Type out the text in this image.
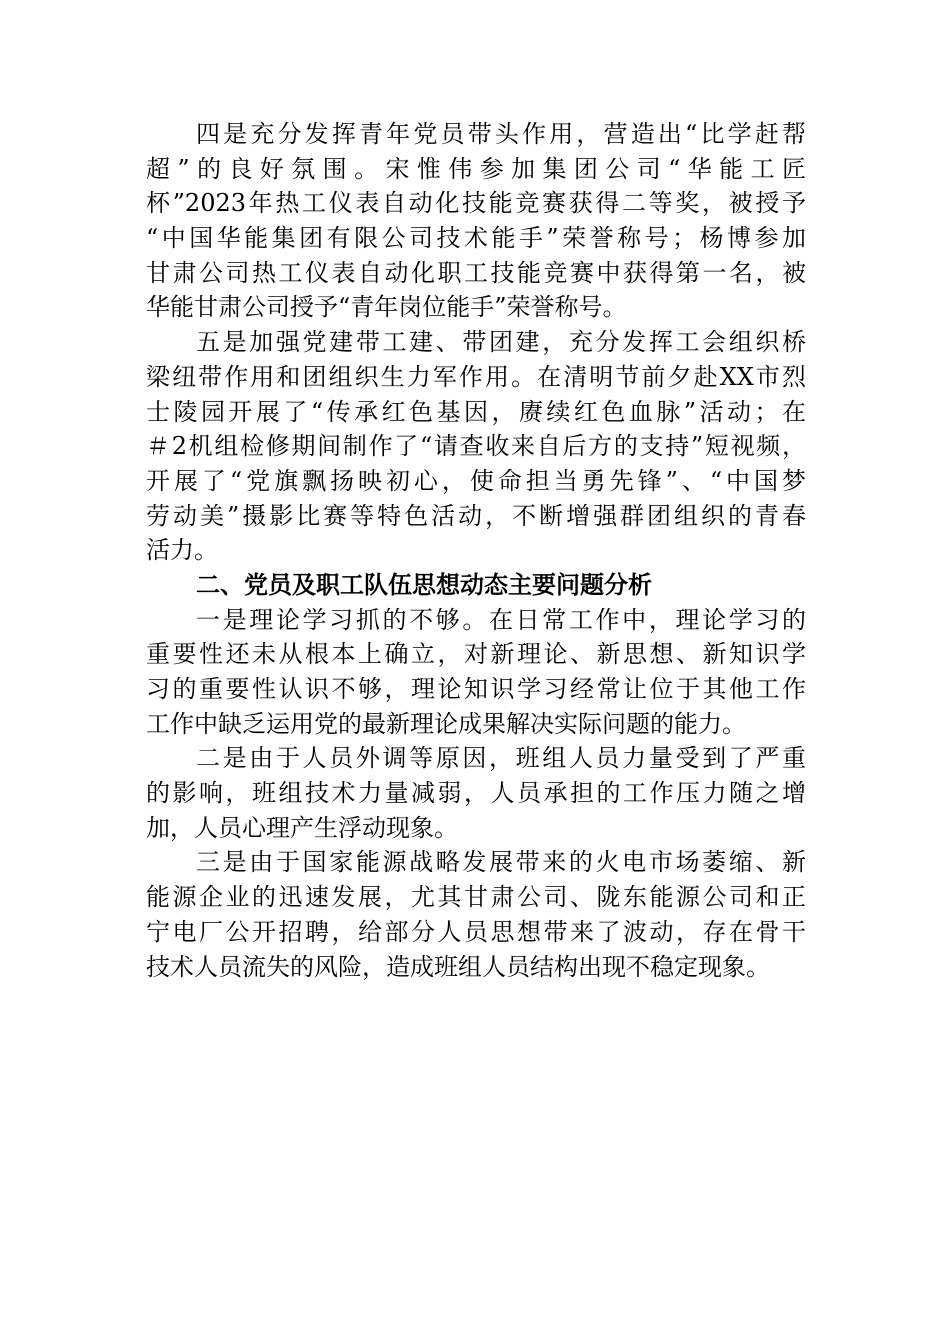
四是充分发挥青年党员带头作用，营造出“比学赶帮
超”的良好氛围。宋惟伟参加集团公司“华能工匠
杯”2023年热工仪表自动化技能竞赛获得二等奖，被授予
“中国华能集团有限公司技术能手”荣誉称号；杨博参加
甘肃公司热工仪表自动化职工技能竞赛中获得第一名，被
华能甘肃公司授予“青年岗位能手”荣誉称号。
五是加强党建带工建、带团建，充分发挥工会组织桥
梁纽带作用和团组织生力军作用。在清明节前夕赴XX市烈
士陵园开展了“传承红色基因，赓续红色血脉”活动；在
＃2机组检修期间制作了“请查收来自后方的支持”短视频，
开展了“党旗飘扬映初心，使命担当勇先锋”、“中国梦
劳动美”摄影比赛等特色活动，不断增强群团组织的青春
活力。
二、党员及职工队伍思想动态主要问题分析
一是理论学习抓的不够。在日常工作中，理论学习的
重要性还未从根本上确立，对新理论、新思想、新知识学
习的重要性认识不够，理论知识学习经常让位于其他工作
工作中缺乏运用党的最新理论成果解决实际问题的能力。
二是由于人员外调等原因，班组人员力量受到了严重
的影响，班组技术力量减弱，人员承担的工作压力随之增
加，人员心理产生浮动现象。
三是由于国家能源战略发展带来的火电市场萎缩、新
能源企业的迅速发展，尤其甘肃公司、陇东能源公司和正
宁电厂公开招聘，给部分人员思想带来了波动，存在骨干
技术人员流失的风险，造成班组人员结构出现不稳定现象。
